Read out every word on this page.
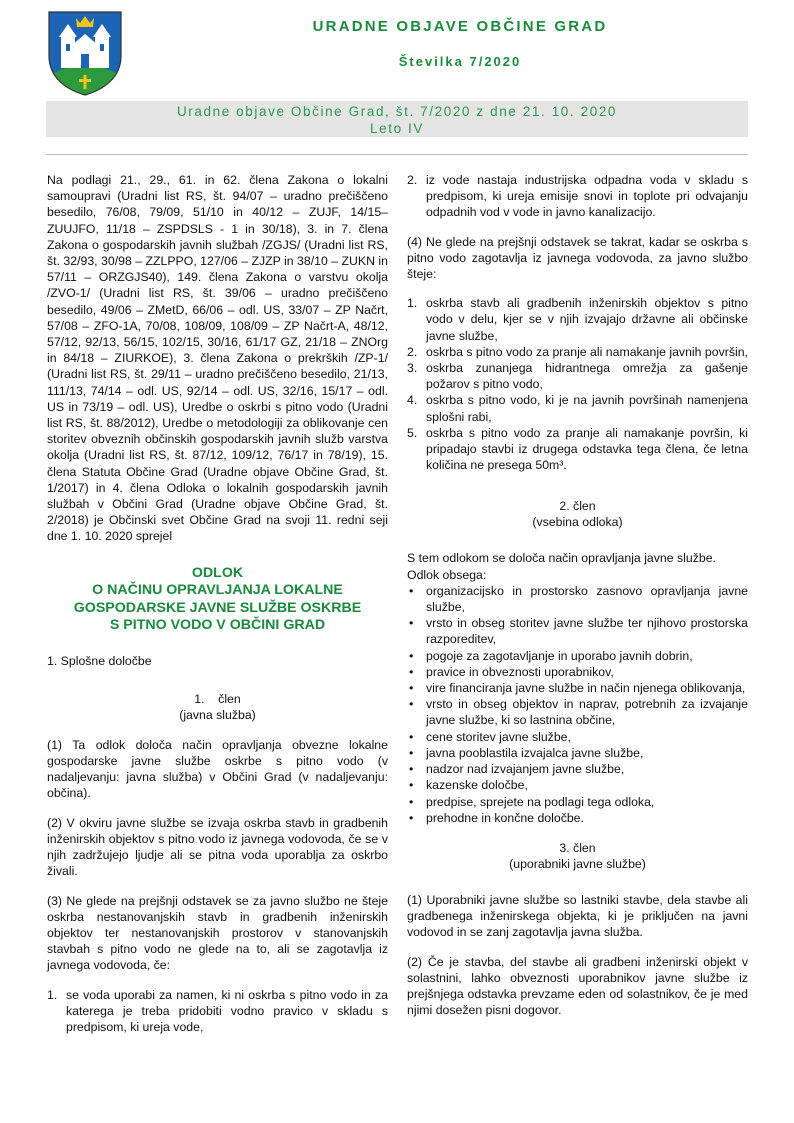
URADNE OBJAVE OBČINE GRAD
Številka 7/2020
Uradne objave Občine Grad, št. 7/2020 z dne 21. 10. 2020
Leto IV

Na podlagi 21., 29., 61. in 62. člena Zakona o lokalni samoupravi (Uradni list RS, št. 94/07 – uradno prečiščeno besedilo, 76/08, 79/09, 51/10 in 40/12 – ZUJF, 14/15– ZUUJFO, 11/18 – ZSPDSLS - 1 in 30/18), 3. in 7. člena Zakona o gospodarskih javnih službah /ZGJS/ (Uradni list RS, št. 32/93, 30/98 – ZZLPPO, 127/06 – ZJZP in 38/10 – ZUKN in 57/11 – ORZGJS40), 149. člena Zakona o varstvu okolja /ZVO-1/ (Uradni list RS, št. 39/06 – uradno prečiščeno besedilo, 49/06 – ZMetD, 66/06 – odl. US, 33/07 – ZP Načrt, 57/08 – ZFO-1A, 70/08, 108/09, 108/09 – ZP Načrt-A, 48/12, 57/12, 92/13, 56/15, 102/15, 30/16, 61/17 GZ, 21/18 – ZNOrg in 84/18 – ZIURKOE), 3. člena Zakona o prekrških /ZP-1/ (Uradni list RS, št. 29/11 – uradno prečiščeno besedilo, 21/13, 111/13, 74/14 – odl. US, 92/14 – odl. US, 32/16, 15/17 – odl. US in 73/19 – odl. US), Uredbe o oskrbi s pitno vodo (Uradni list RS, št. 88/2012), Uredbe o metodologiji za oblikovanje cen storitev obveznih občinskih gospodarskih javnih služb varstva okolja (Uradni list RS, št. 87/12, 109/12, 76/17 in 78/19), 15. člena Statuta Občine Grad (Uradne objave Občine Grad, št. 1/2017) in 4. člena Odloka o lokalnih gospodarskih javnih službah v Občini Grad (Uradne objave Občine Grad, št. 2/2018) je Občinski svet Občine Grad na svoji 11. redni seji dne 1. 10. 2020 sprejel

ODLOK
O NAČINU OPRAVLJANJA LOKALNE
GOSPODARSKE JAVNE SLUŽBE OSKRBE
S PITNO VODO V OBČINI GRAD
1. Splošne določbe
1.    člen
(javna služba)

(1) Ta odlok določa način opravljanja obvezne lokalne gospodarske javne službe oskrbe s pitno vodo (v nadaljevanju: javna služba) v Občini Grad (v nadaljevanju: občina).

(2) V okviru javne službe se izvaja oskrba stavb in gradbenih inženirskih objektov s pitno vodo iz javnega vodovoda, če se v njih zadržujejo ljudje ali se pitna voda uporablja za oskrbo živali.

(3) Ne glede na prejšnji odstavek se za javno službo ne šteje oskrba nestanovanjskih stavb in gradbenih inženirskih objektov ter nestanovanjskih prostorov v stanovanjskih stavbah s pitno vodo ne glede na to, ali se zagotavlja iz javnega vodovoda, če:

1. se voda uporabi za namen, ki ni oskrba s pitno vodo in za katerega je treba pridobiti vodno pravico v skladu s predpisom, ki ureja vode,
2. iz vode nastaja industrijska odpadna voda v skladu s predpisom, ki ureja emisije snovi in toplote pri odvajanju odpadnih vod v vode in javno kanalizacijo.

(4) Ne glede na prejšnji odstavek se takrat, kadar se oskrba s pitno vodo zagotavlja iz javnega vodovoda, za javno službo šteje:

1. oskrba stavb ali gradbenih inženirskih objektov s pitno vodo v delu, kjer se v njih izvajajo državne ali občinske javne službe,
2. oskrba s pitno vodo za pranje ali namakanje javnih površin,
3. oskrba zunanjega hidrantnega omrežja za gašenje požarov s pitno vodo,
4. oskrba s pitno vodo, ki je na javnih površinah namenjena splošni rabi,
5. oskrba s pitno vodo za pranje ali namakanje površin, ki pripadajo stavbi iz drugega odstavka tega člena, če letna količina ne presega 50m³.
2. člen
(vsebina odloka)
S tem odlokom se določa način opravljanja javne službe.
Odlok obsega:
• organizacijsko in prostorsko zasnovo opravljanja javne službe,
• vrsto in obseg storitev javne službe ter njihovo prostorska razporeditev,
• pogoje za zagotavljanje in uporabo javnih dobrin,
• pravice in obveznosti uporabnikov,
• vire financiranja javne službe in način njenega oblikovanja,
• vrsto in obseg objektov in naprav, potrebnih za izvajanje javne službe, ki so lastnina občine,
• cene storitev javne službe,
• javna pooblastila izvajalca javne službe,
• nadzor nad izvajanjem javne službe,
• kazenske določbe,
• predpise, sprejete na podlagi tega odloka,
• prehodne in končne določbe.
3. člen
(uporabniki javne službe)

(1) Uporabniki javne službe so lastniki stavbe, dela stavbe ali gradbenega inženirskega objekta, ki je priključen na javni vodovod in se zanj zagotavlja javna služba.

(2) Če je stavba, del stavbe ali gradbeni inženirski objekt v solastnini, lahko obveznosti uporabnikov javne službe iz prejšnjega odstavka prevzame eden od solastnikov, če je med njimi dosežen pisni dogovor.
